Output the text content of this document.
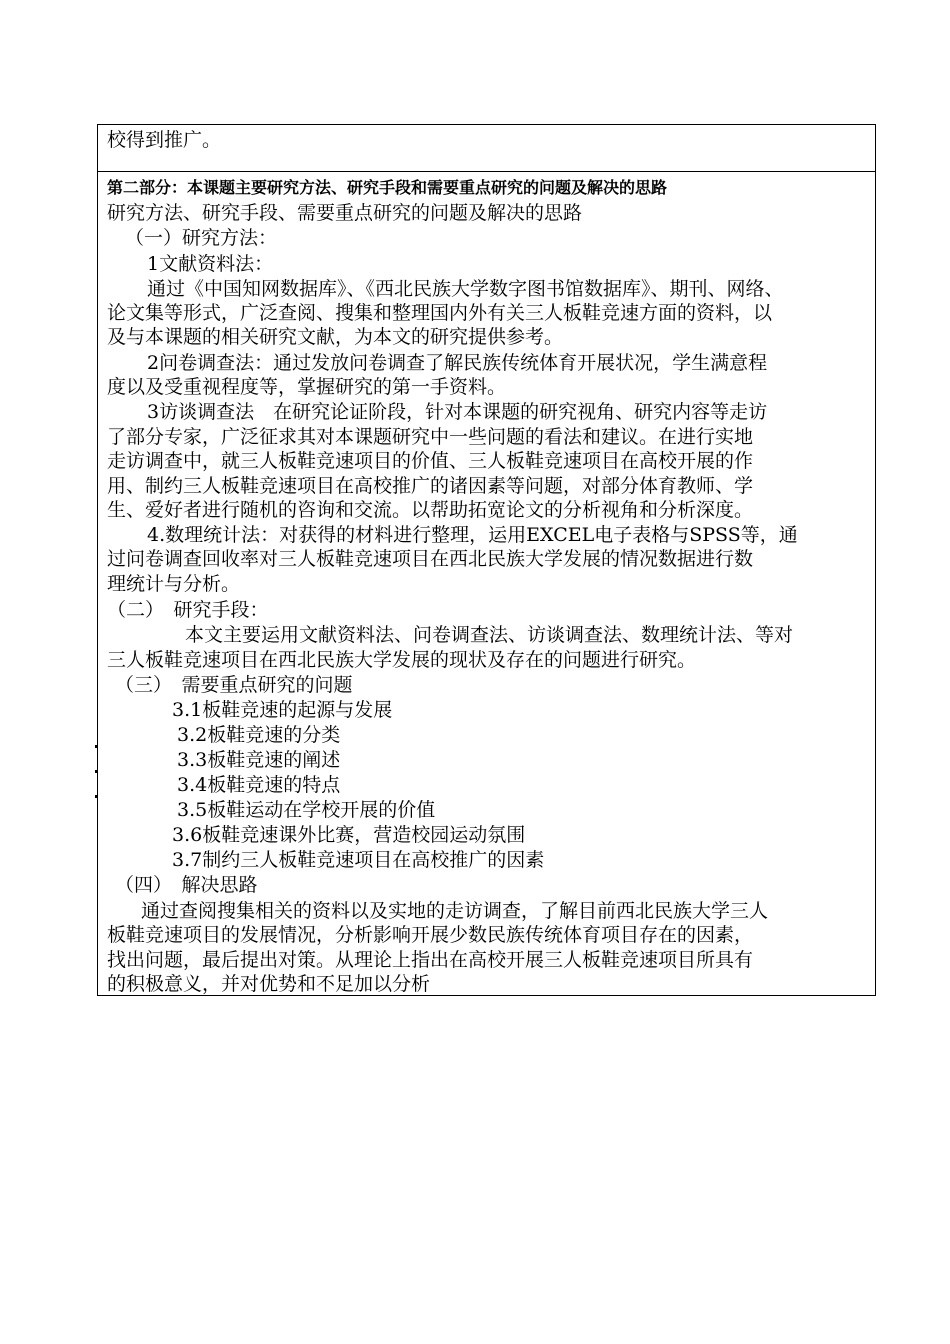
校得到推广。
第二部分：本课题主要研究方法、研究手段和需要重点研究的问题及解决的思路
研究方法、研究手段、需要重点研究的问题及解决的思路
（一）研究方法：
1文献资料法：
通过《中国知网数据库》、《西北民族大学数字图书馆数据库》、期刊、网络、
论文集等形式，广泛查阅、搜集和整理国内外有关三人板鞋竞速方面的资料，以
及与本课题的相关研究文献，为本文的研究提供参考。
2问卷调查法：通过发放问卷调查了解民族传统体育开展状况，学生满意程
度以及受重视程度等，掌握研究的第一手资料。
3访谈调查法　在研究论证阶段，针对本课题的研究视角、研究内容等走访
了部分专家，广泛征求其对本课题研究中一些问题的看法和建议。在进行实地
走访调查中，就三人板鞋竞速项目的价值、三人板鞋竞速项目在高校开展的作
用、制约三人板鞋竞速项目在高校推广的诸因素等问题，对部分体育教师、学
生、爱好者进行随机的咨询和交流。以帮助拓宽论文的分析视角和分析深度。
4.数理统计法：对获得的材料进行整理，运用EXCEL电子表格与SPSS等，通
过问卷调查回收率对三人板鞋竞速项目在西北民族大学发展的情况数据进行数
理统计与分析。
（二）　研究手段：
本文主要运用文献资料法、问卷调查法、访谈调查法、数理统计法、等对
三人板鞋竞速项目在西北民族大学发展的现状及存在的问题进行研究。
（三）　需要重点研究的问题
3.1板鞋竞速的起源与发展
3.2板鞋竞速的分类
3.3板鞋竞速的阐述
3.4板鞋竞速的特点
3.5板鞋运动在学校开展的价值
3.6板鞋竞速课外比赛，营造校园运动氛围
3.7制约三人板鞋竞速项目在高校推广的因素
（四）　解决思路
通过查阅搜集相关的资料以及实地的走访调查，了解目前西北民族大学三人
板鞋竞速项目的发展情况，分析影响开展少数民族传统体育项目存在的因素，
找出问题，最后提出对策。从理论上指出在高校开展三人板鞋竞速项目所具有
的积极意义，并对优势和不足加以分析
